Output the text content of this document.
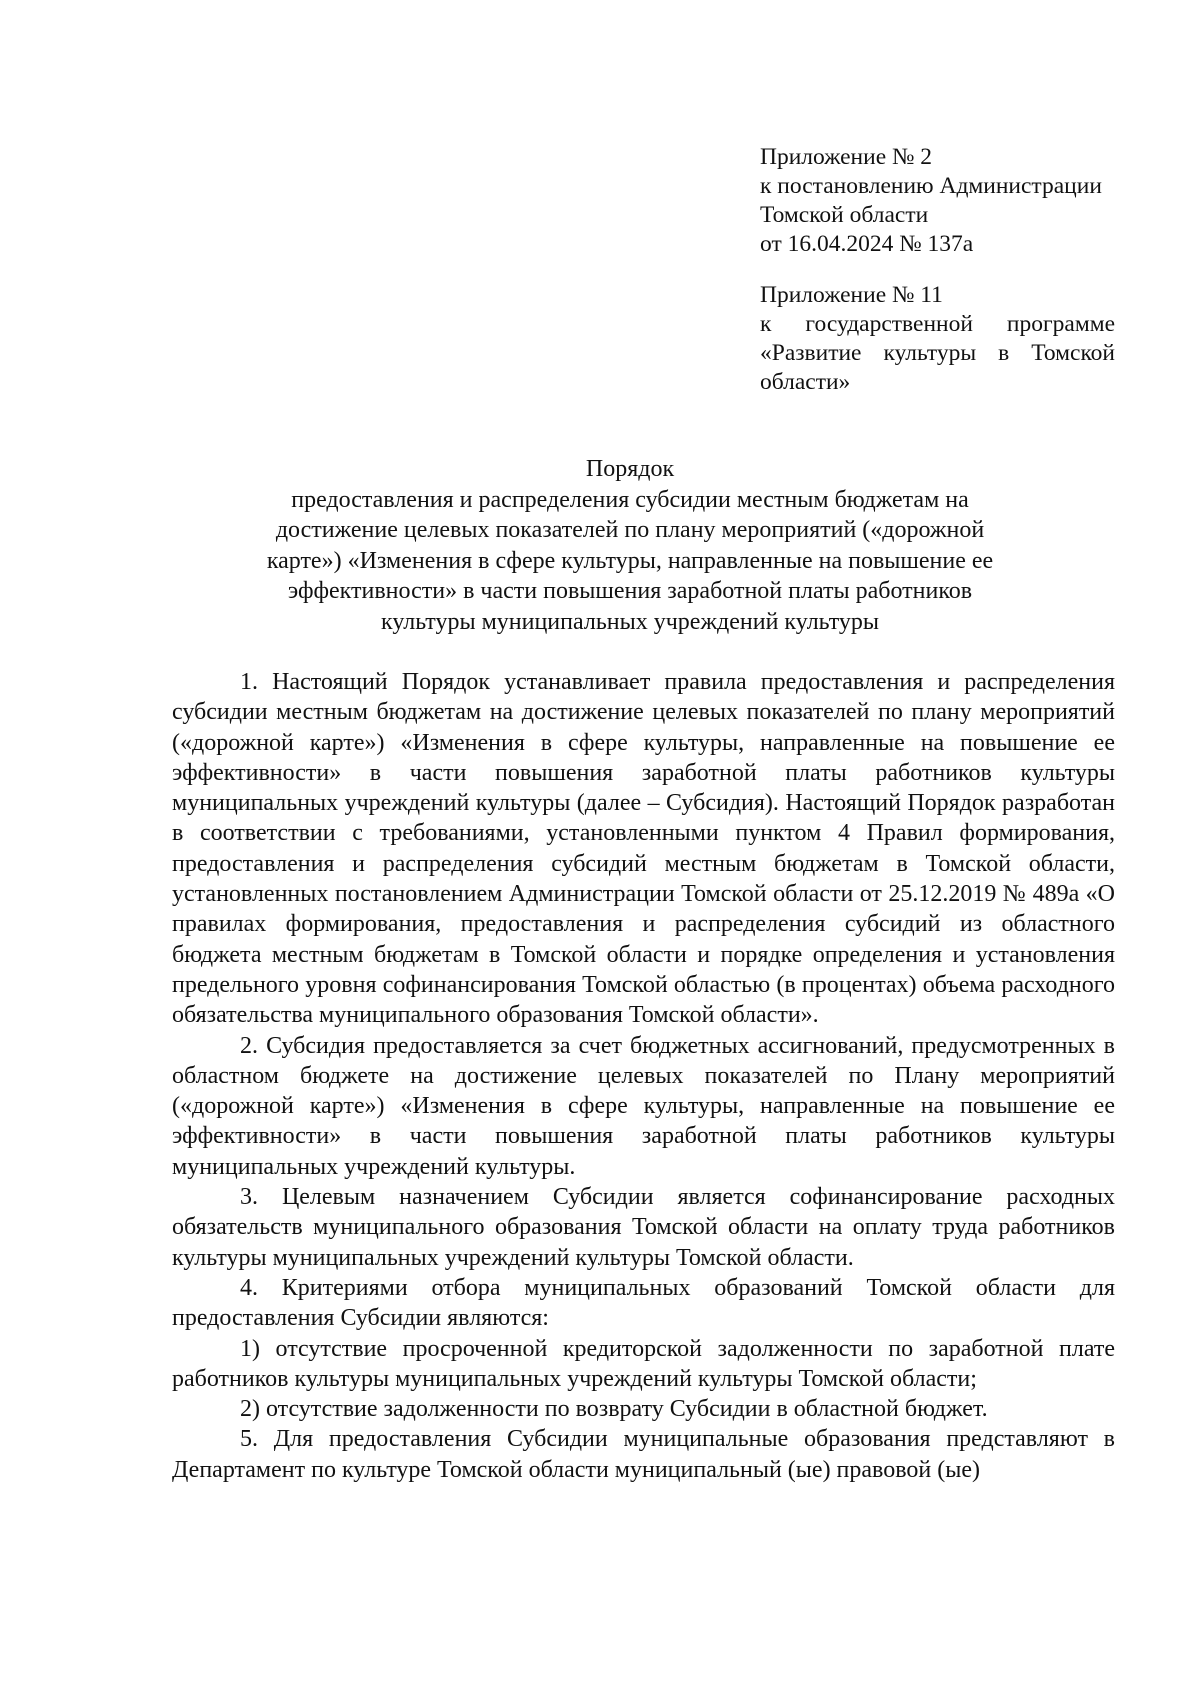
Приложение № 2
к постановлению Администрации
Томской области
от 16.04.2024 № 137а
Приложение № 11
к государственной программе
«Развитие культуры в Томской
области»
Порядок
предоставления и распределения субсидии местным бюджетам на
достижение целевых показателей по плану мероприятий («дорожной
карте») «Изменения в сфере культуры, направленные на повышение ее
эффективности» в части повышения заработной платы работников
культуры муниципальных учреждений культуры

1. Настоящий Порядок устанавливает правила предоставления и распределения субсидии местным бюджетам на достижение целевых показателей по плану мероприятий («дорожной карте») «Изменения в сфере культуры, направленные на повышение ее эффективности» в части повышения заработной платы работников культуры муниципальных учреждений культуры (далее – Субсидия). Настоящий Порядок разработан в соответствии с требованиями, установленными пунктом 4 Правил формирования, предоставления и распределения субсидий местным бюджетам в Томской области, установленных постановлением Администрации Томской области от 25.12.2019 № 489а «О правилах формирования, предоставления и распределения субсидий из областного бюджета местным бюджетам в Томской области и порядке определения и установления предельного уровня софинансирования Томской областью (в процентах) объема расходного обязательства муниципального образования Томской области».

2. Субсидия предоставляется за счет бюджетных ассигнований, предусмотренных в областном бюджете на достижение целевых показателей по Плану мероприятий («дорожной карте») «Изменения в сфере культуры, направленные на повышение ее эффективности» в части повышения заработной платы работников культуры муниципальных учреждений культуры.

3. Целевым назначением Субсидии является софинансирование расходных обязательств муниципального образования Томской области на оплату труда работников культуры муниципальных учреждений культуры Томской области.

4. Критериями отбора муниципальных образований Томской области для предоставления Субсидии являются:

1) отсутствие просроченной кредиторской задолженности по заработной плате работников культуры муниципальных учреждений культуры Томской области;

2) отсутствие задолженности по возврату Субсидии в областной бюджет.

5. Для предоставления Субсидии муниципальные образования представляют в Департамент по культуре Томской области муниципальный (ые) правовой (ые)
